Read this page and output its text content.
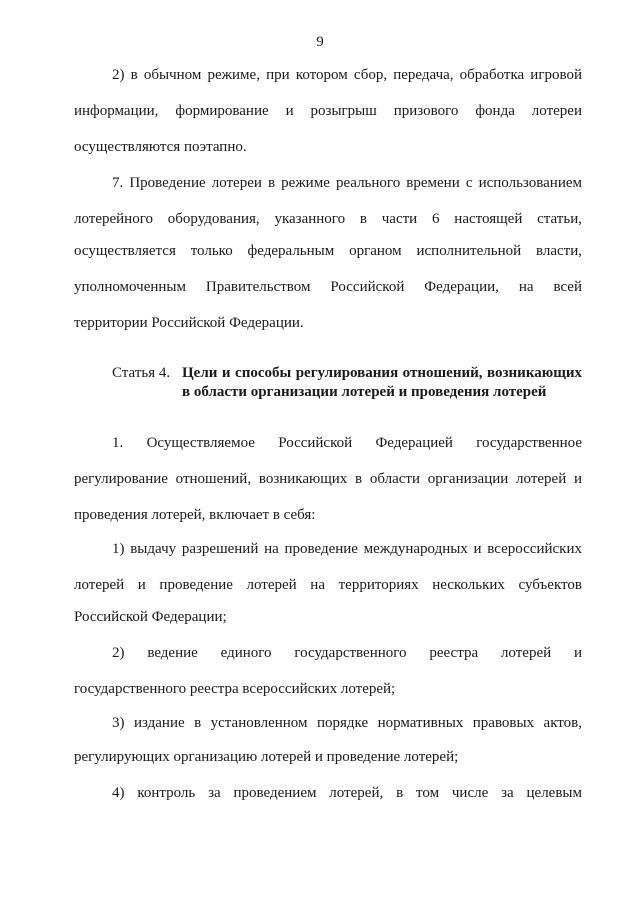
9
2) в обычном режиме, при котором сбор, передача, обработка игровой
информации, формирование и розыгрыш призового фонда лотереи
осуществляются поэтапно.
7. Проведение лотереи в режиме реального времени с использованием
лотерейного оборудования, указанного в части 6 настоящей статьи,
осуществляется только федеральным органом исполнительной власти,
уполномоченным Правительством Российской Федерации, на всей
территории Российской Федерации.
Статья 4. Цели и способы регулирования отношений, возникающих
в области организации лотерей и проведения лотерей
1. Осуществляемое Российской Федерацией государственное
регулирование отношений, возникающих в области организации лотерей и
проведения лотерей, включает в себя:
1) выдачу разрешений на проведение международных и всероссийских
лотерей и проведение лотерей на территориях нескольких субъектов
Российской Федерации;
2) ведение единого государственного реестра лотерей и
государственного реестра всероссийских лотерей;
3) издание в установленном порядке нормативных правовых актов,
регулирующих организацию лотерей и проведение лотерей;
4) контроль за проведением лотерей, в том числе за целевым
